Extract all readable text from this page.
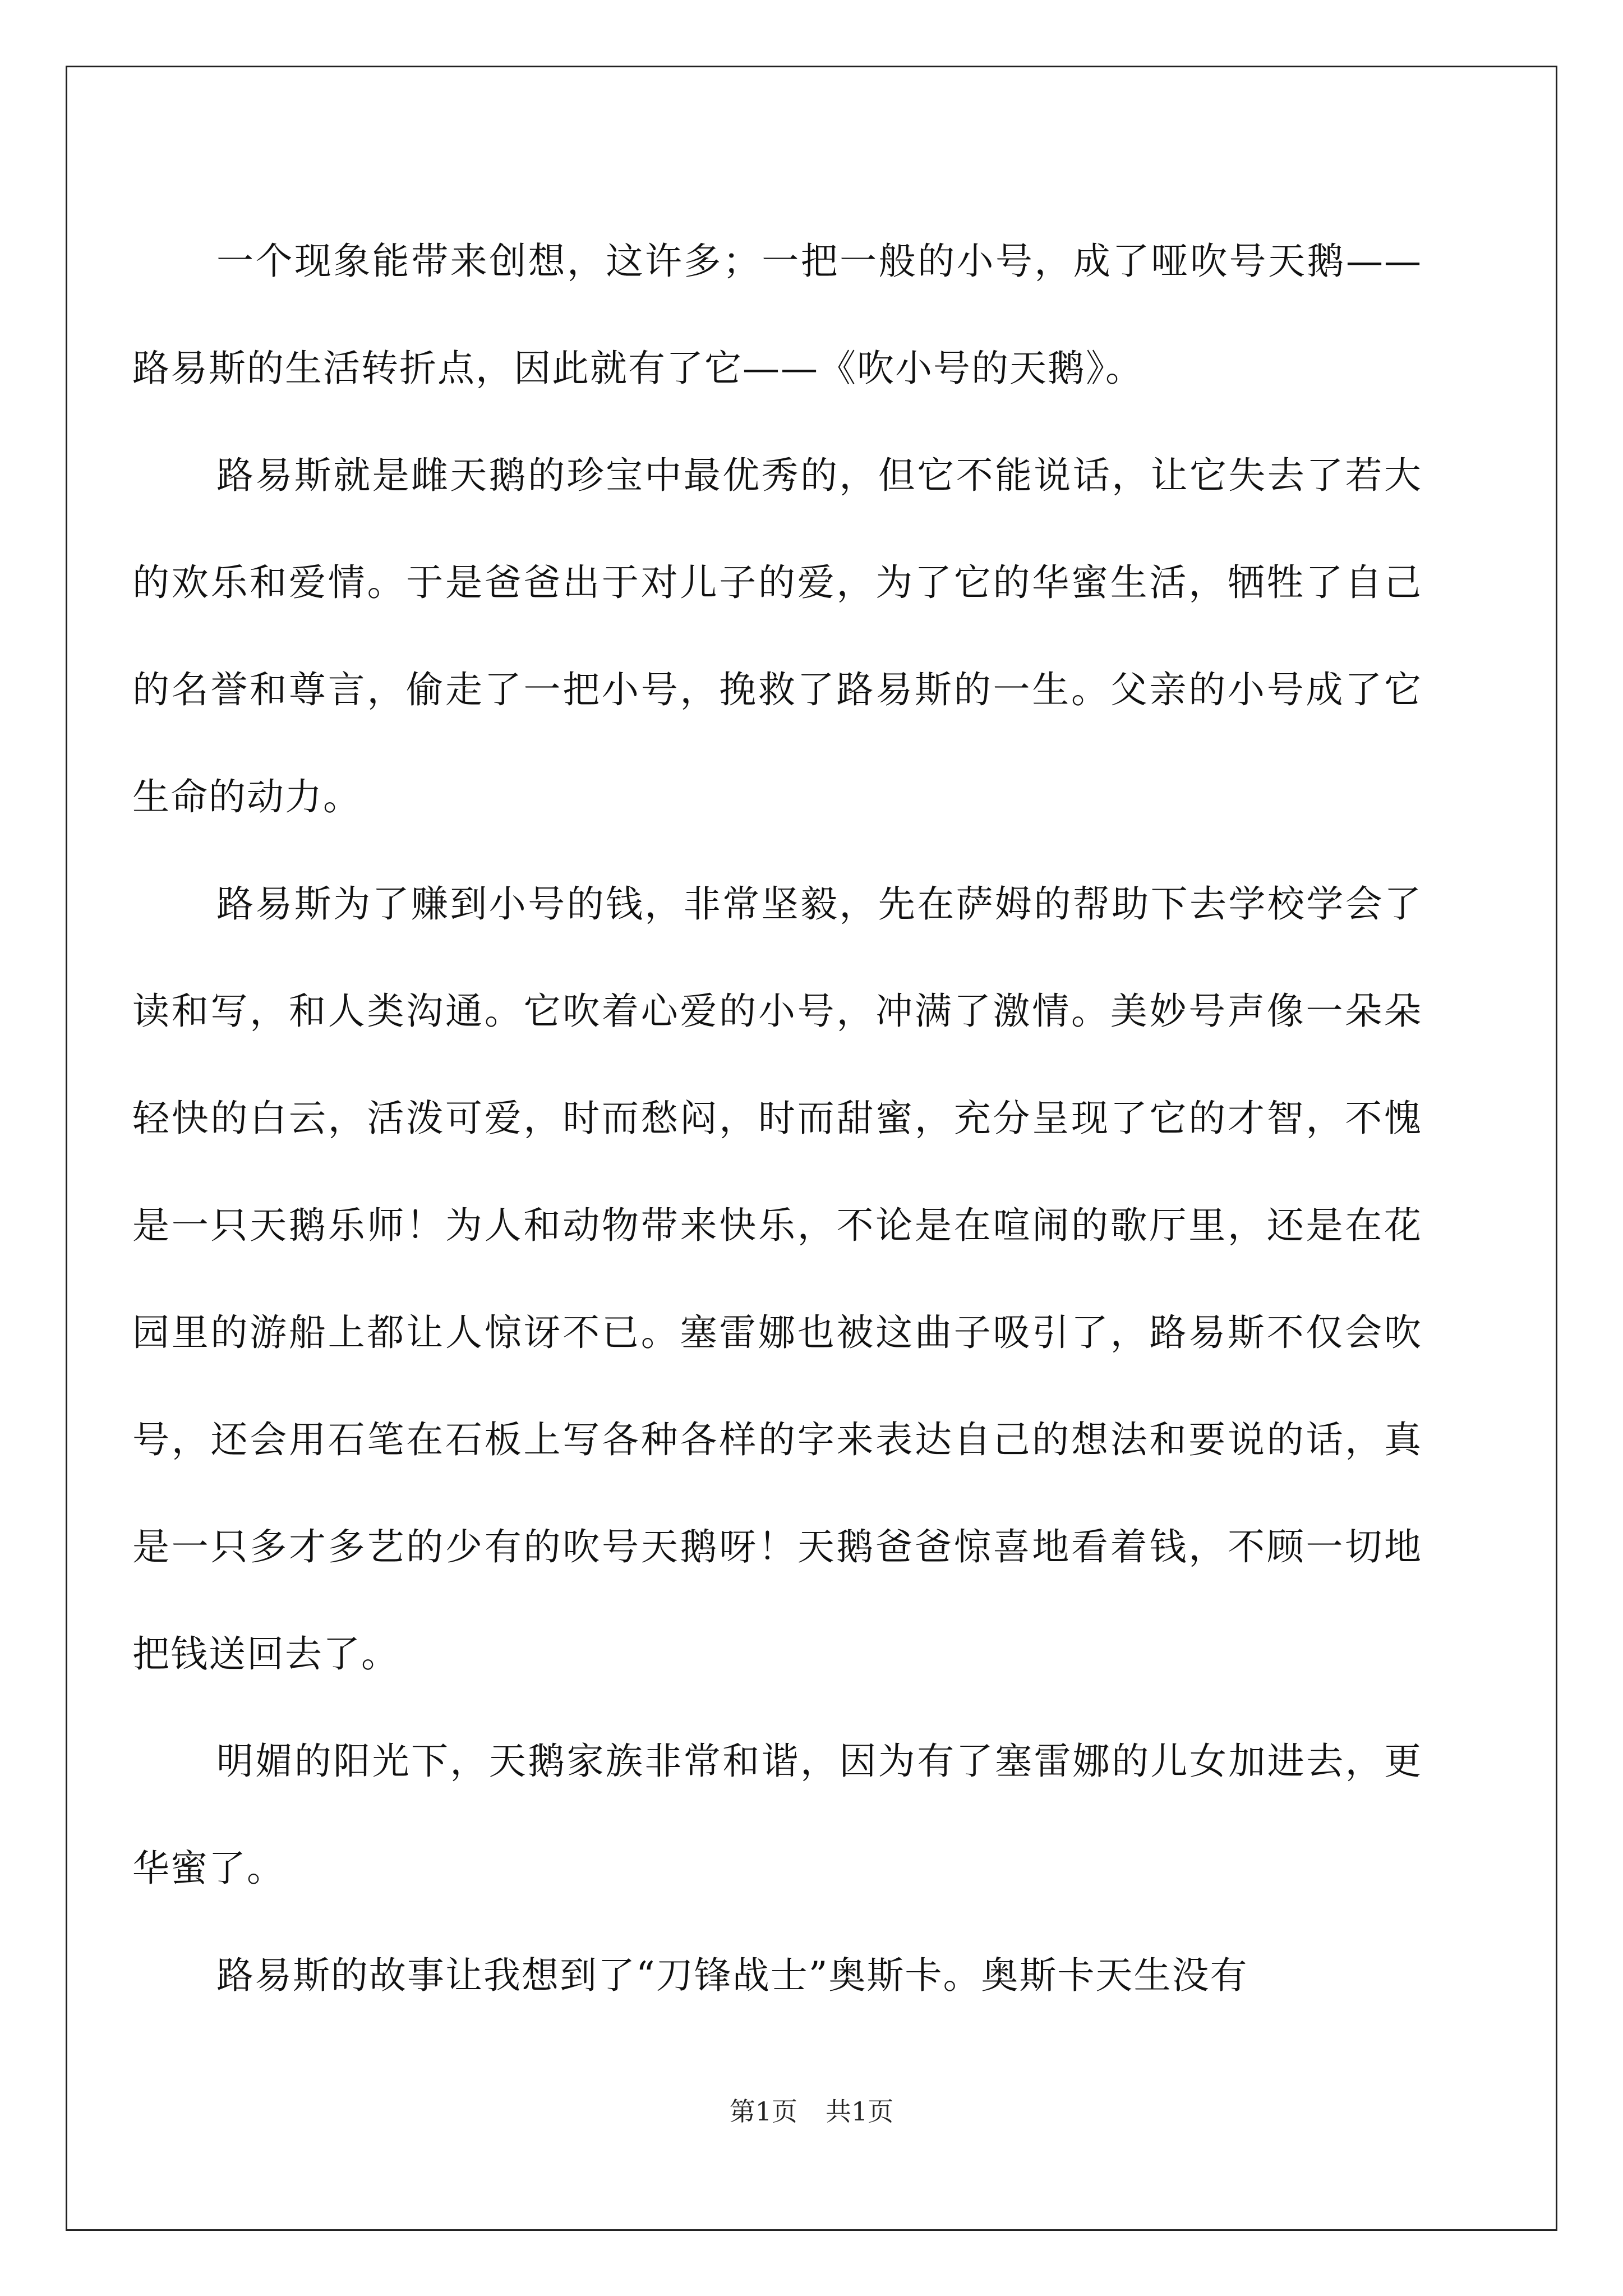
一个现象能带来创想，这许多；一把一般的小号，成了哑吹号天鹅——路易斯的生活转折点，因此就有了它——《吹小号的天鹅》。

路易斯就是雌天鹅的珍宝中最优秀的，但它不能说话，让它失去了若大的欢乐和爱情。于是爸爸出于对儿子的爱，为了它的华蜜生活，牺牲了自己的名誉和尊言，偷走了一把小号，挽救了路易斯的一生。父亲的小号成了它生命的动力。

路易斯为了赚到小号的钱，非常坚毅，先在萨姆的帮助下去学校学会了读和写，和人类沟通。它吹着心爱的小号，冲满了激情。美妙号声像一朵朵轻快的白云，活泼可爱，时而愁闷，时而甜蜜，充分呈现了它的才智，不愧是一只天鹅乐师！为人和动物带来快乐，不论是在喧闹的歌厅里，还是在花园里的游船上都让人惊讶不已。塞雷娜也被这曲子吸引了，路易斯不仅会吹号，还会用石笔在石板上写各种各样的字来表达自己的想法和要说的话，真是一只多才多艺的少有的吹号天鹅呀！天鹅爸爸惊喜地看着钱，不顾一切地把钱送回去了。

明媚的阳光下，天鹅家族非常和谐，因为有了塞雷娜的儿女加进去，更华蜜了。

路易斯的故事让我想到了“刀锋战士”奥斯卡。奥斯卡天生没有

第1页 共1页
